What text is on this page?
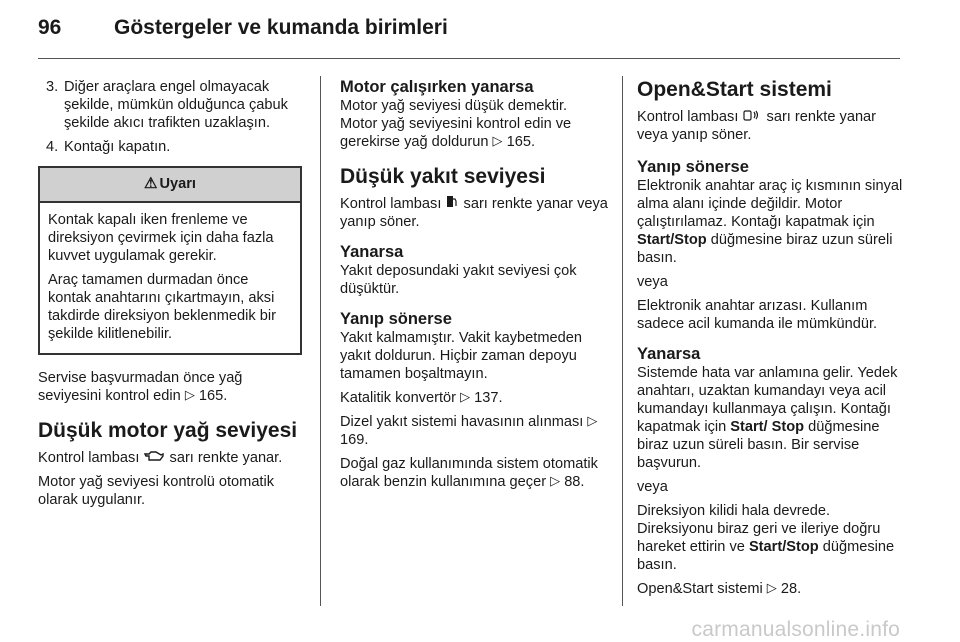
96	Göstergeler ve kumanda birimleri
3. Diğer araçlara engel olmayacak şekilde, mümkün olduğunca çabuk şekilde akıcı trafikten uzaklaşın.
4. Kontağı kapatın.
⚠ Uyarı

Kontak kapalı iken frenleme ve direksiyon çevirmek için daha fazla kuvvet uygulamak gerekir.

Araç tamamen durmadan önce kontak anahtarını çıkartmayın, aksi takdirde direksiyon beklenmedik bir şekilde kilitlenebilir.

Servise başvurmadan önce yağ seviyesini kontrol edin ▷ 165.

Düşük motor yağ seviyesi

Kontrol lambası sarı renkte yanar.

Motor yağ seviyesi kontrolü otomatik olarak uygulanır.

Motor çalışırken yanarsa

Motor yağ seviyesi düşük demektir. Motor yağ seviyesini kontrol edin ve gerekirse yağ doldurun ▷ 165.

Düşük yakıt seviyesi

Kontrol lambası sarı renkte yanar veya yanıp söner.

Yanarsa

Yakıt deposundaki yakıt seviyesi çok düşüktür.

Yanıp sönerse

Yakıt kalmamıştır. Vakit kaybetmeden yakıt doldurun. Hiçbir zaman depoyu tamamen boşaltmayın.

Katalitik konvertör ▷ 137.

Dizel yakıt sistemi havasının alınması ▷ 169.

Doğal gaz kullanımında sistem otomatik olarak benzin kullanımına geçer ▷ 88.

Open&Start sistemi

Kontrol lambası sarı renkte yanar veya yanıp söner.

Yanıp sönerse

Elektronik anahtar araç iç kısmının sinyal alma alanı içinde değildir. Motor çalıştırılamaz. Kontağı kapatmak için Start/Stop düğmesine biraz uzun süreli basın.

veya

Elektronik anahtar arızası. Kullanım sadece acil kumanda ile mümkündür.

Yanarsa

Sistemde hata var anlamına gelir. Yedek anahtarı, uzaktan kumandayı veya acil kumandayı kullanmaya çalışın. Kontağı kapatmak için Start/ Stop düğmesine biraz uzun süreli basın. Bir servise başvurun.

veya

Direksiyon kilidi hala devrede. Direksiyonu biraz geri ve ileriye doğru hareket ettirin ve Start/Stop düğmesine basın.

Open&Start sistemi ▷ 28.

carmanualsonline.info
